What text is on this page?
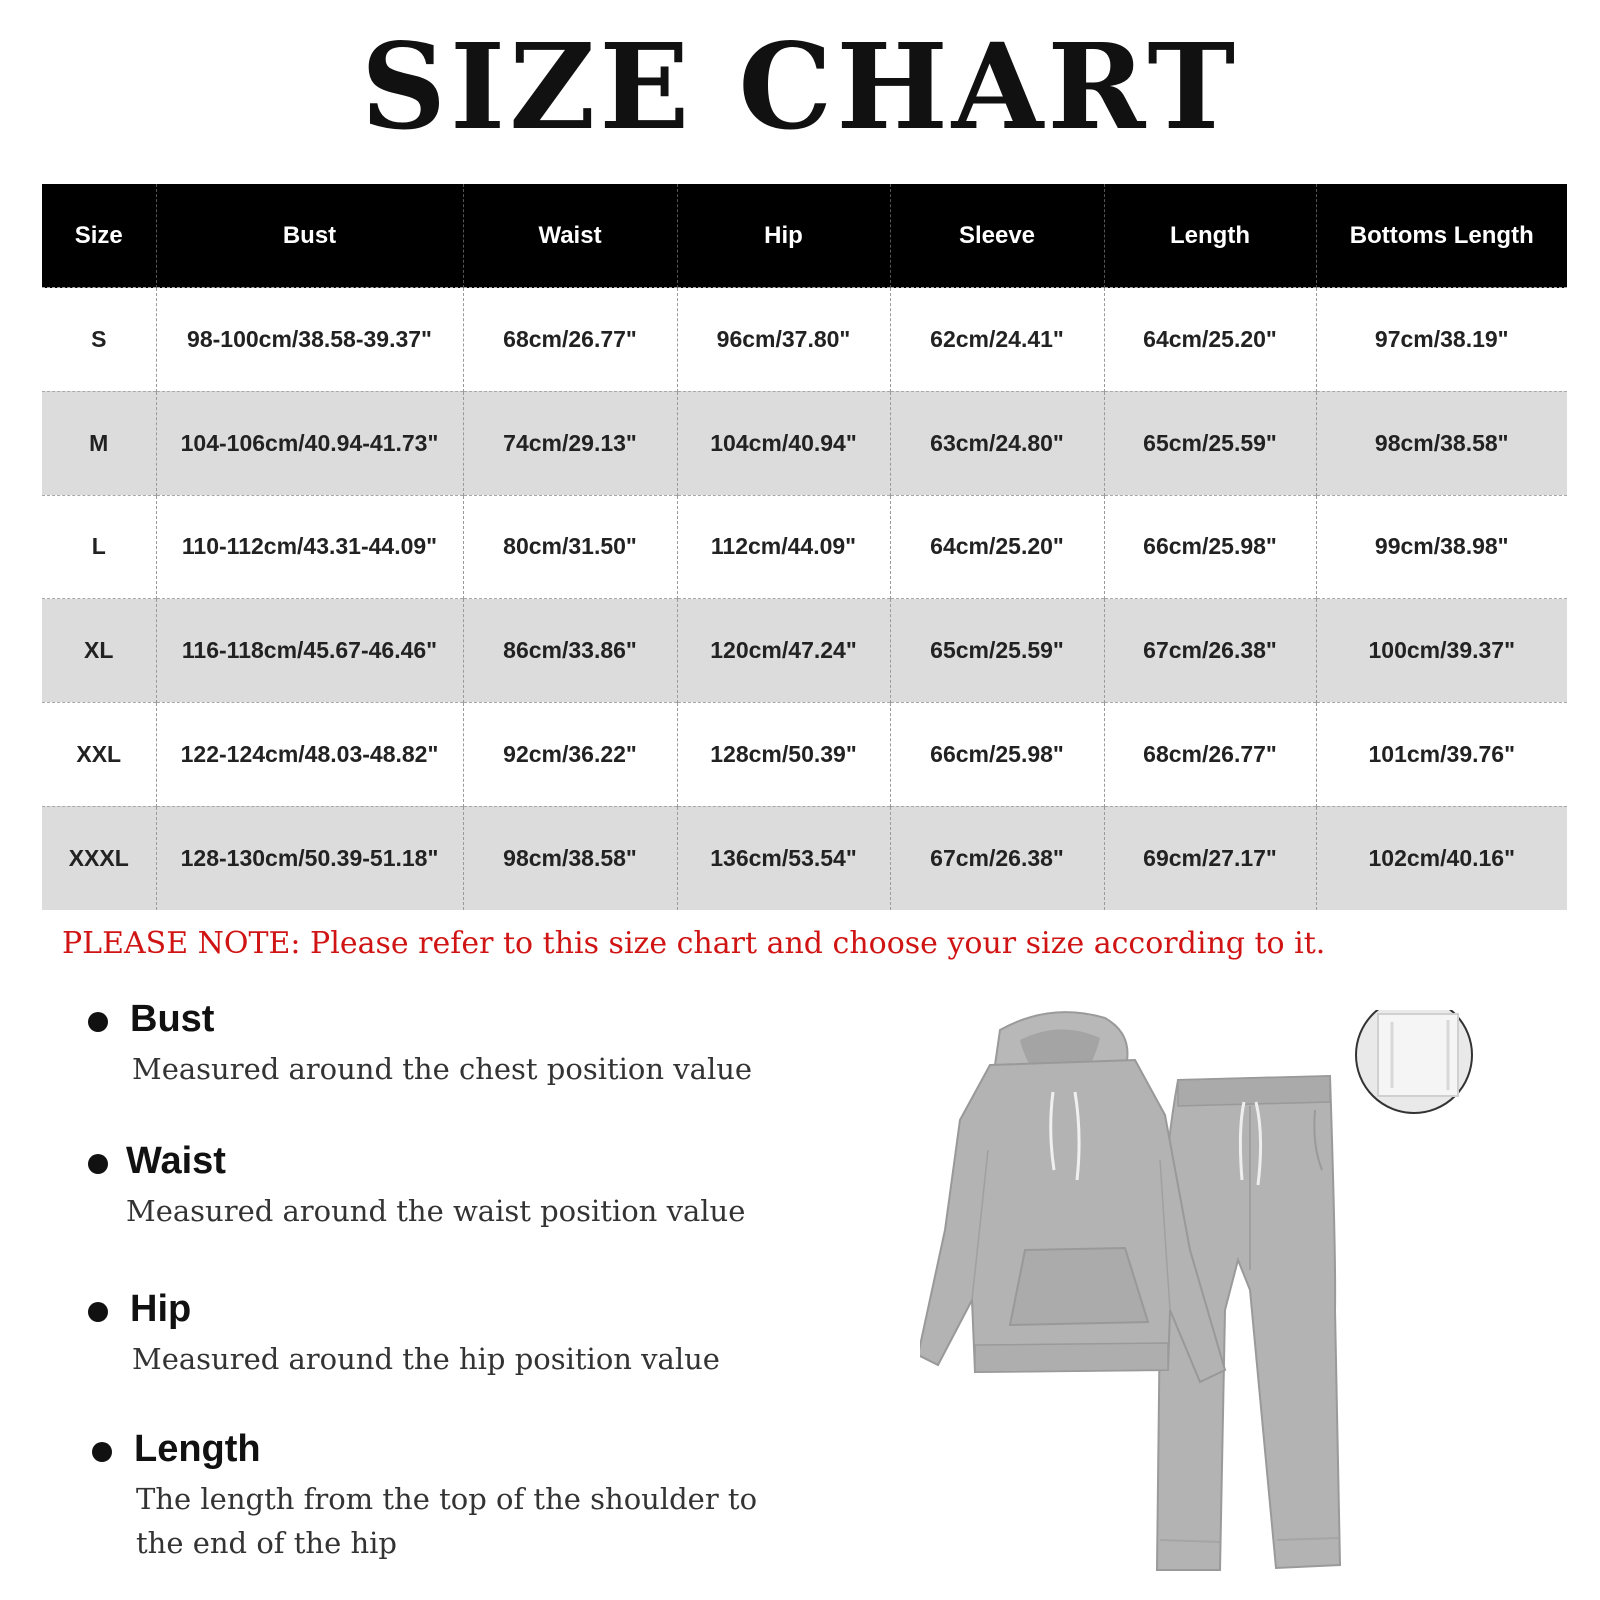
SIZE CHART
Size	Bust	Waist	Hip	Sleeve	Length	Bottoms Length
S	98-100cm/38.58-39.37"	68cm/26.77"	96cm/37.80"	62cm/24.41"	64cm/25.20"	97cm/38.19"
M	104-106cm/40.94-41.73"	74cm/29.13"	104cm/40.94"	63cm/24.80"	65cm/25.59"	98cm/38.58"
L	110-112cm/43.31-44.09"	80cm/31.50"	112cm/44.09"	64cm/25.20"	66cm/25.98"	99cm/38.98"
XL	116-118cm/45.67-46.46"	86cm/33.86"	120cm/47.24"	65cm/25.59"	67cm/26.38"	100cm/39.37"
XXL	122-124cm/48.03-48.82"	92cm/36.22"	128cm/50.39"	66cm/25.98"	68cm/26.77"	101cm/39.76"
XXXL	128-130cm/50.39-51.18"	98cm/38.58"	136cm/53.54"	67cm/26.38"	69cm/27.17"	102cm/40.16"
PLEASE NOTE: Please refer to this size chart and choose your size according to it.
Bust
Measured around the chest position value
Waist
Measured around the waist position value
Hip
Measured around the hip position value
Length
The length from the top of the shoulder to the end of the hip
